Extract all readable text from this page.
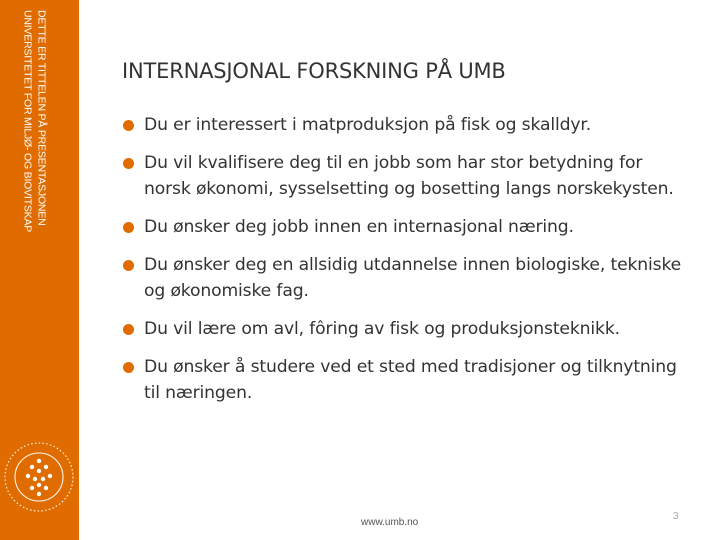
DETTE ER TITTELEN PÅ PRESENTASJONEN
UNIVERSITETET FOR MILJØ- OG BIOVITSKAP	INTERNASJONAL FORSKNING PÅ UMB
Du er interessert i matproduksjon på fisk og skalldyr.
Du vil kvalifisere deg til en jobb som har stor betydning for norsk økonomi, sysselsetting og bosetting langs norskekysten.
Du ønsker deg jobb innen en internasjonal næring.
Du ønsker deg en allsidig utdannelse innen biologiske, tekniske og økonomiske fag.
Du vil lære om avl, fôring av fisk og produksjonsteknikk.
Du ønsker å studere ved et sted med tradisjoner og tilknytning til næringen.
www.umb.no
3
